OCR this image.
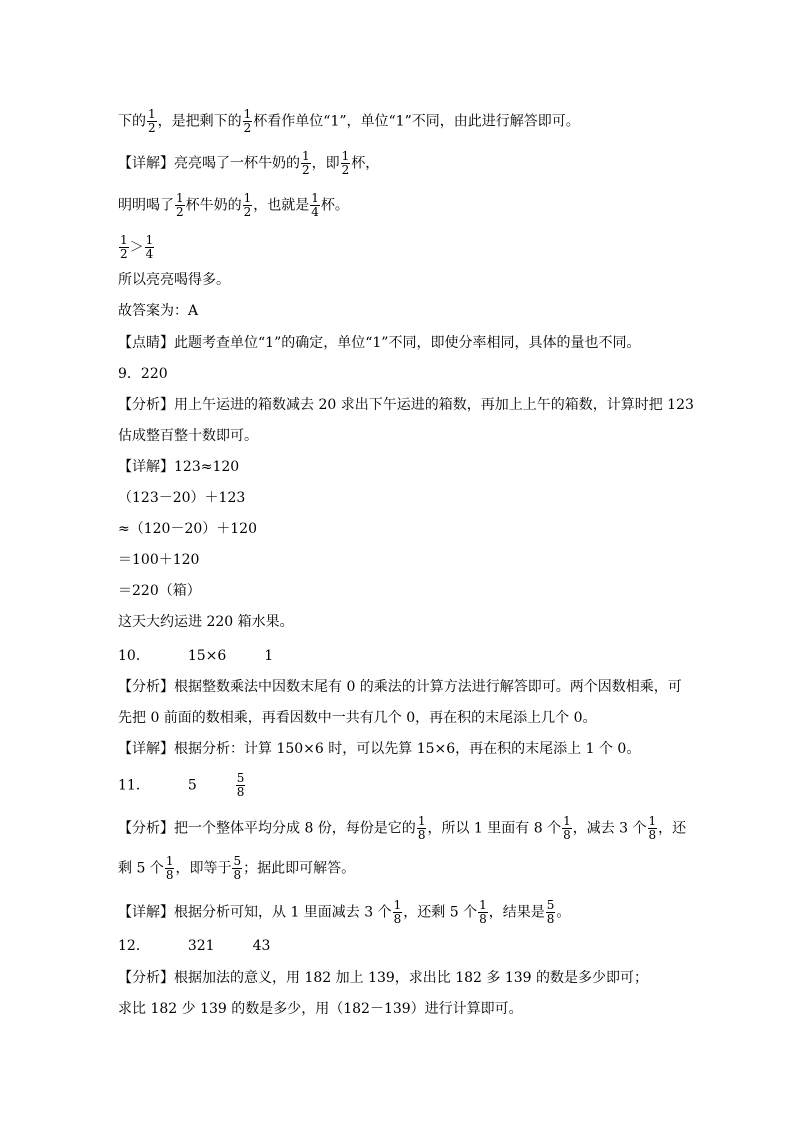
下的 $\frac{1}{2}$ ，是把剩下的 $\frac{1}{2}$ 杯看作单位“1”，单位“1”不同，由此进行解答即可。
【详解】亮亮喝了一杯牛奶的 $\frac{1}{2}$ ，即 $\frac{1}{2}$ 杯，
明明喝了 $\frac{1}{2}$ 杯牛奶的 $\frac{1}{2}$ ，也就是 $\frac{1}{4}$ 杯。
$\frac{1}{2} > \frac{1}{4}$
所以亮亮喝得多。
故答案为：A
【点睛】此题考查单位“1”的确定，单位“1”不同，即使分率相同，具体的量也不同。
9．220
【分析】用上午运进的箱数减去 20 求出下午运进的箱数，再加上上午的箱数，计算时把 123
估成整百整十数即可。
【详解】123≈120
（123－20）＋123
≈（120－20）＋120
＝100＋120
＝220（箱）
这天大约运进 220 箱水果。
10．	15×6	1
【分析】根据整数乘法中因数末尾有 0 的乘法的计算方法进行解答即可。两个因数相乘，可
先把 0 前面的数相乘，再看因数中一共有几个 0，再在积的末尾添上几个 0。
【详解】根据分析：计算 150×6 时，可以先算 15×6，再在积的末尾添上 1 个 0。
11．	5	$\frac{5}{8}$
【分析】把一个整体平均分成 8 份，每份是它的 $\frac{1}{8}$ ，所以 1 里面有 8 个 $\frac{1}{8}$ ，减去 3 个 $\frac{1}{8}$ ，还
剩 5 个 $\frac{1}{8}$ ，即等于 $\frac{5}{8}$ ；据此即可解答。
【详解】根据分析可知，从 1 里面减去 3 个 $\frac{1}{8}$ ，还剩 5 个 $\frac{1}{8}$ ，结果是 $\frac{5}{8}$ 。
12．	321	43
【分析】根据加法的意义，用 182 加上 139，求出比 182 多 139 的数是多少即可；
求比 182 少 139 的数是多少，用（182－139）进行计算即可。
